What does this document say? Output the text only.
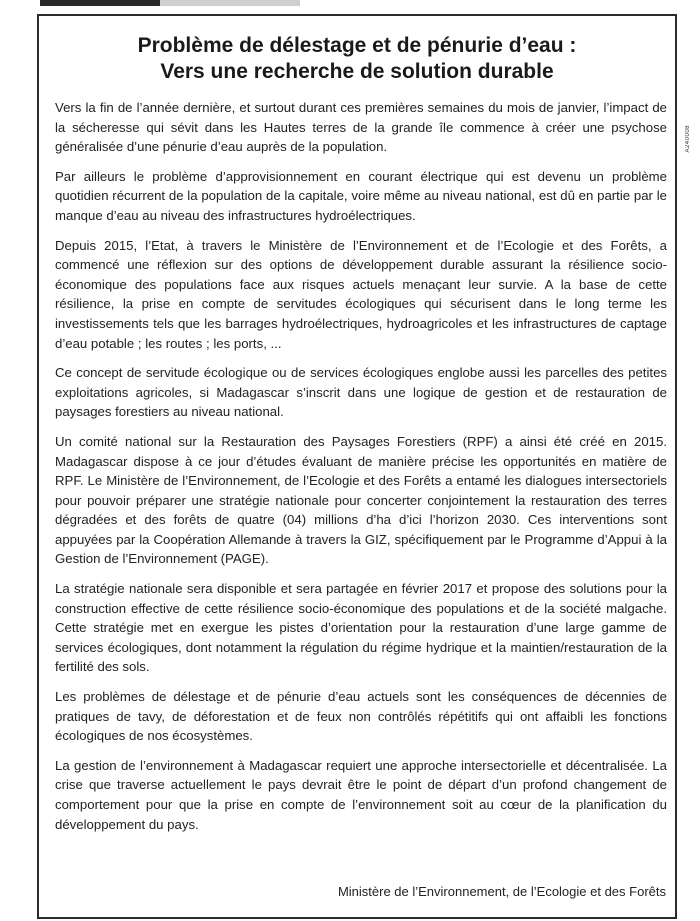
A240008
Problème de délestage et de pénurie d’eau :
Vers une recherche de solution durable

Vers la fin de l’année dernière, et surtout durant ces premières semaines du mois de janvier, l’impact de la sécheresse qui sévit dans les Hautes terres de la grande île commence à créer une psychose généralisée d’une pénurie d’eau auprès de la population.

Par ailleurs le problème d’approvisionnement en courant électrique qui est devenu un problème quotidien récurrent de la population de la capitale, voire même au niveau national, est dû en partie par le manque d’eau au niveau des infrastructures hydroélectriques.

Depuis 2015, l’Etat, à travers le Ministère de l’Environnement et de l’Ecologie et des Forêts, a commencé une réflexion sur des options de développement durable assurant la résilience socio-économique des populations face aux risques actuels menaçant leur survie. A la base de cette résilience, la prise en compte de servitudes écologiques qui sécurisent dans le long terme les investissements tels que les barrages hydroélectriques, hydroagricoles et les infrastructures de captage d’eau potable ; les routes ; les ports, ...

Ce concept de servitude écologique ou de services écologiques englobe aussi les parcelles des petites exploitations agricoles, si Madagascar s’inscrit dans une logique de gestion et de restauration de paysages forestiers au niveau national.

Un comité national sur la Restauration des Paysages Forestiers (RPF) a ainsi été créé en 2015. Madagascar dispose à ce jour d’études évaluant de manière précise les opportunités en matière de RPF. Le Ministère de l’Environnement, de l’Ecologie et des Forêts a entamé les dialogues intersectoriels pour pouvoir préparer une stratégie nationale pour concerter conjointement la restauration des terres dégradées et des forêts de quatre (04) millions d’ha d’ici l’horizon 2030. Ces interventions sont appuyées par la Coopération Allemande à travers la GIZ, spécifiquement par le Programme d’Appui à la Gestion de l’Environnement (PAGE).

La stratégie nationale sera disponible et sera partagée en février 2017 et propose des solutions pour la construction effective de cette résilience socio-économique des populations et de la société malgache. Cette stratégie met en exergue les pistes d’orientation pour la restauration d’une large gamme de services écologiques, dont notamment la régulation du régime hydrique et la maintien/restauration de la fertilité des sols.

Les problèmes de délestage et de pénurie d’eau actuels sont les conséquences de décennies de pratiques de tavy, de déforestation et de feux non contrôlés répétitifs qui ont affaibli les fonctions écologiques de nos écosystèmes.

La gestion de l’environnement à Madagascar requiert une approche intersectorielle et décentralisée. La crise que traverse actuellement le pays devrait être le point de départ d’un profond changement de comportement pour que la prise en compte de l’environnement soit au cœur de la planification du développement du pays.

Ministère de l’Environnement, de l’Ecologie et des Forêts
